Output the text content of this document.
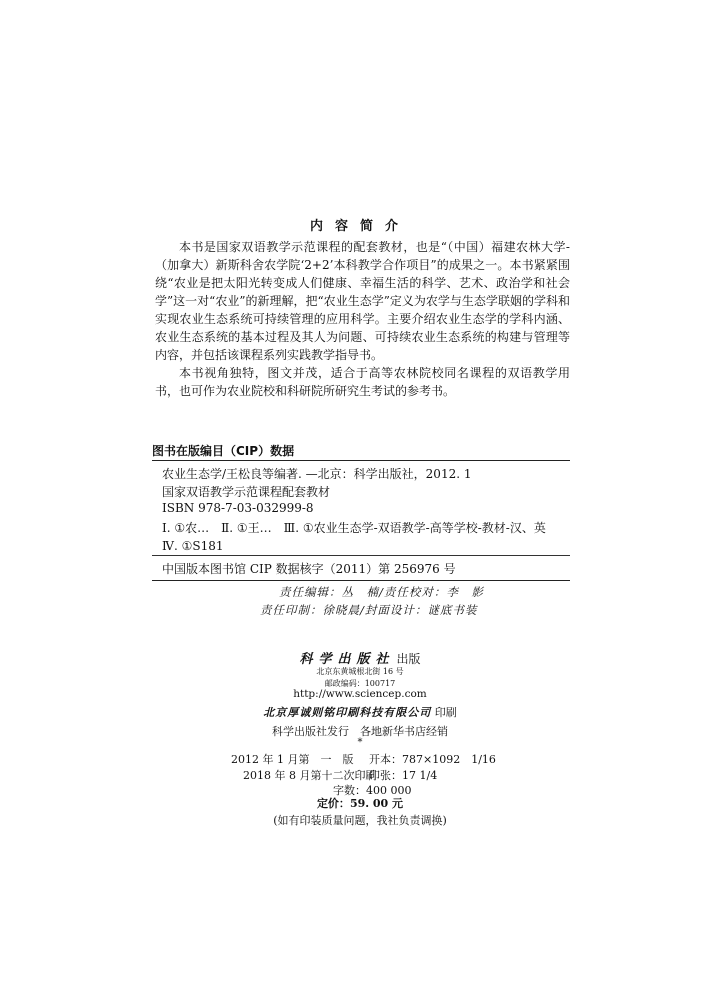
内容简介

本书是国家双语教学示范课程的配套教材，也是“（中国）福建农林大学-（加拿大）新斯科舍农学院‘2+2’本科教学合作项目”的成果之一。本书紧紧围绕“农业是把太阳光转变成人们健康、幸福生活的科学、艺术、政治学和社会学”这一对“农业”的新理解，把“农业生态学”定义为农学与生态学联姻的学科和实现农业生态系统可持续管理的应用科学。主要介绍农业生态学的学科内涵、农业生态系统的基本过程及其人为问题、可持续农业生态系统的构建与管理等内容，并包括该课程系列实践教学指导书。

本书视角独特，图文并茂，适合于高等农林院校同名课程的双语教学用书，也可作为农业院校和科研院所研究生考试的参考书。

图书在版编目（CIP）数据
农业生态学/王松良等编著. —北京：科学出版社，2012. 1
国家双语教学示范课程配套教材
ISBN 978-7-03-032999-8
Ⅰ. ①农…　Ⅱ. ①王…　Ⅲ. ①农业生态学-双语教学-高等学校-教材-汉、英
Ⅳ. ①S181
中国版本图书馆 CIP 数据核字（2011）第 256976 号
责任编辑：丛　楠/责任校对：李　影
责任印制：徐晓晨/封面设计：谜底书装
科学出版社 出版
北京东黄城根北街 16 号
邮政编码：100717
http://www.sciencep.com
北京厚诚则铭印刷科技有限公司 印刷
科学出版社发行　各地新华书店经销
*
2012 年 1 月第　一　版 开本：787×1092　1/16
2018 年 8 月第十二次印刷
印张：17 1/4
字数：400 000
定价：59. 00 元
(如有印装质量问题，我社负责调换)
